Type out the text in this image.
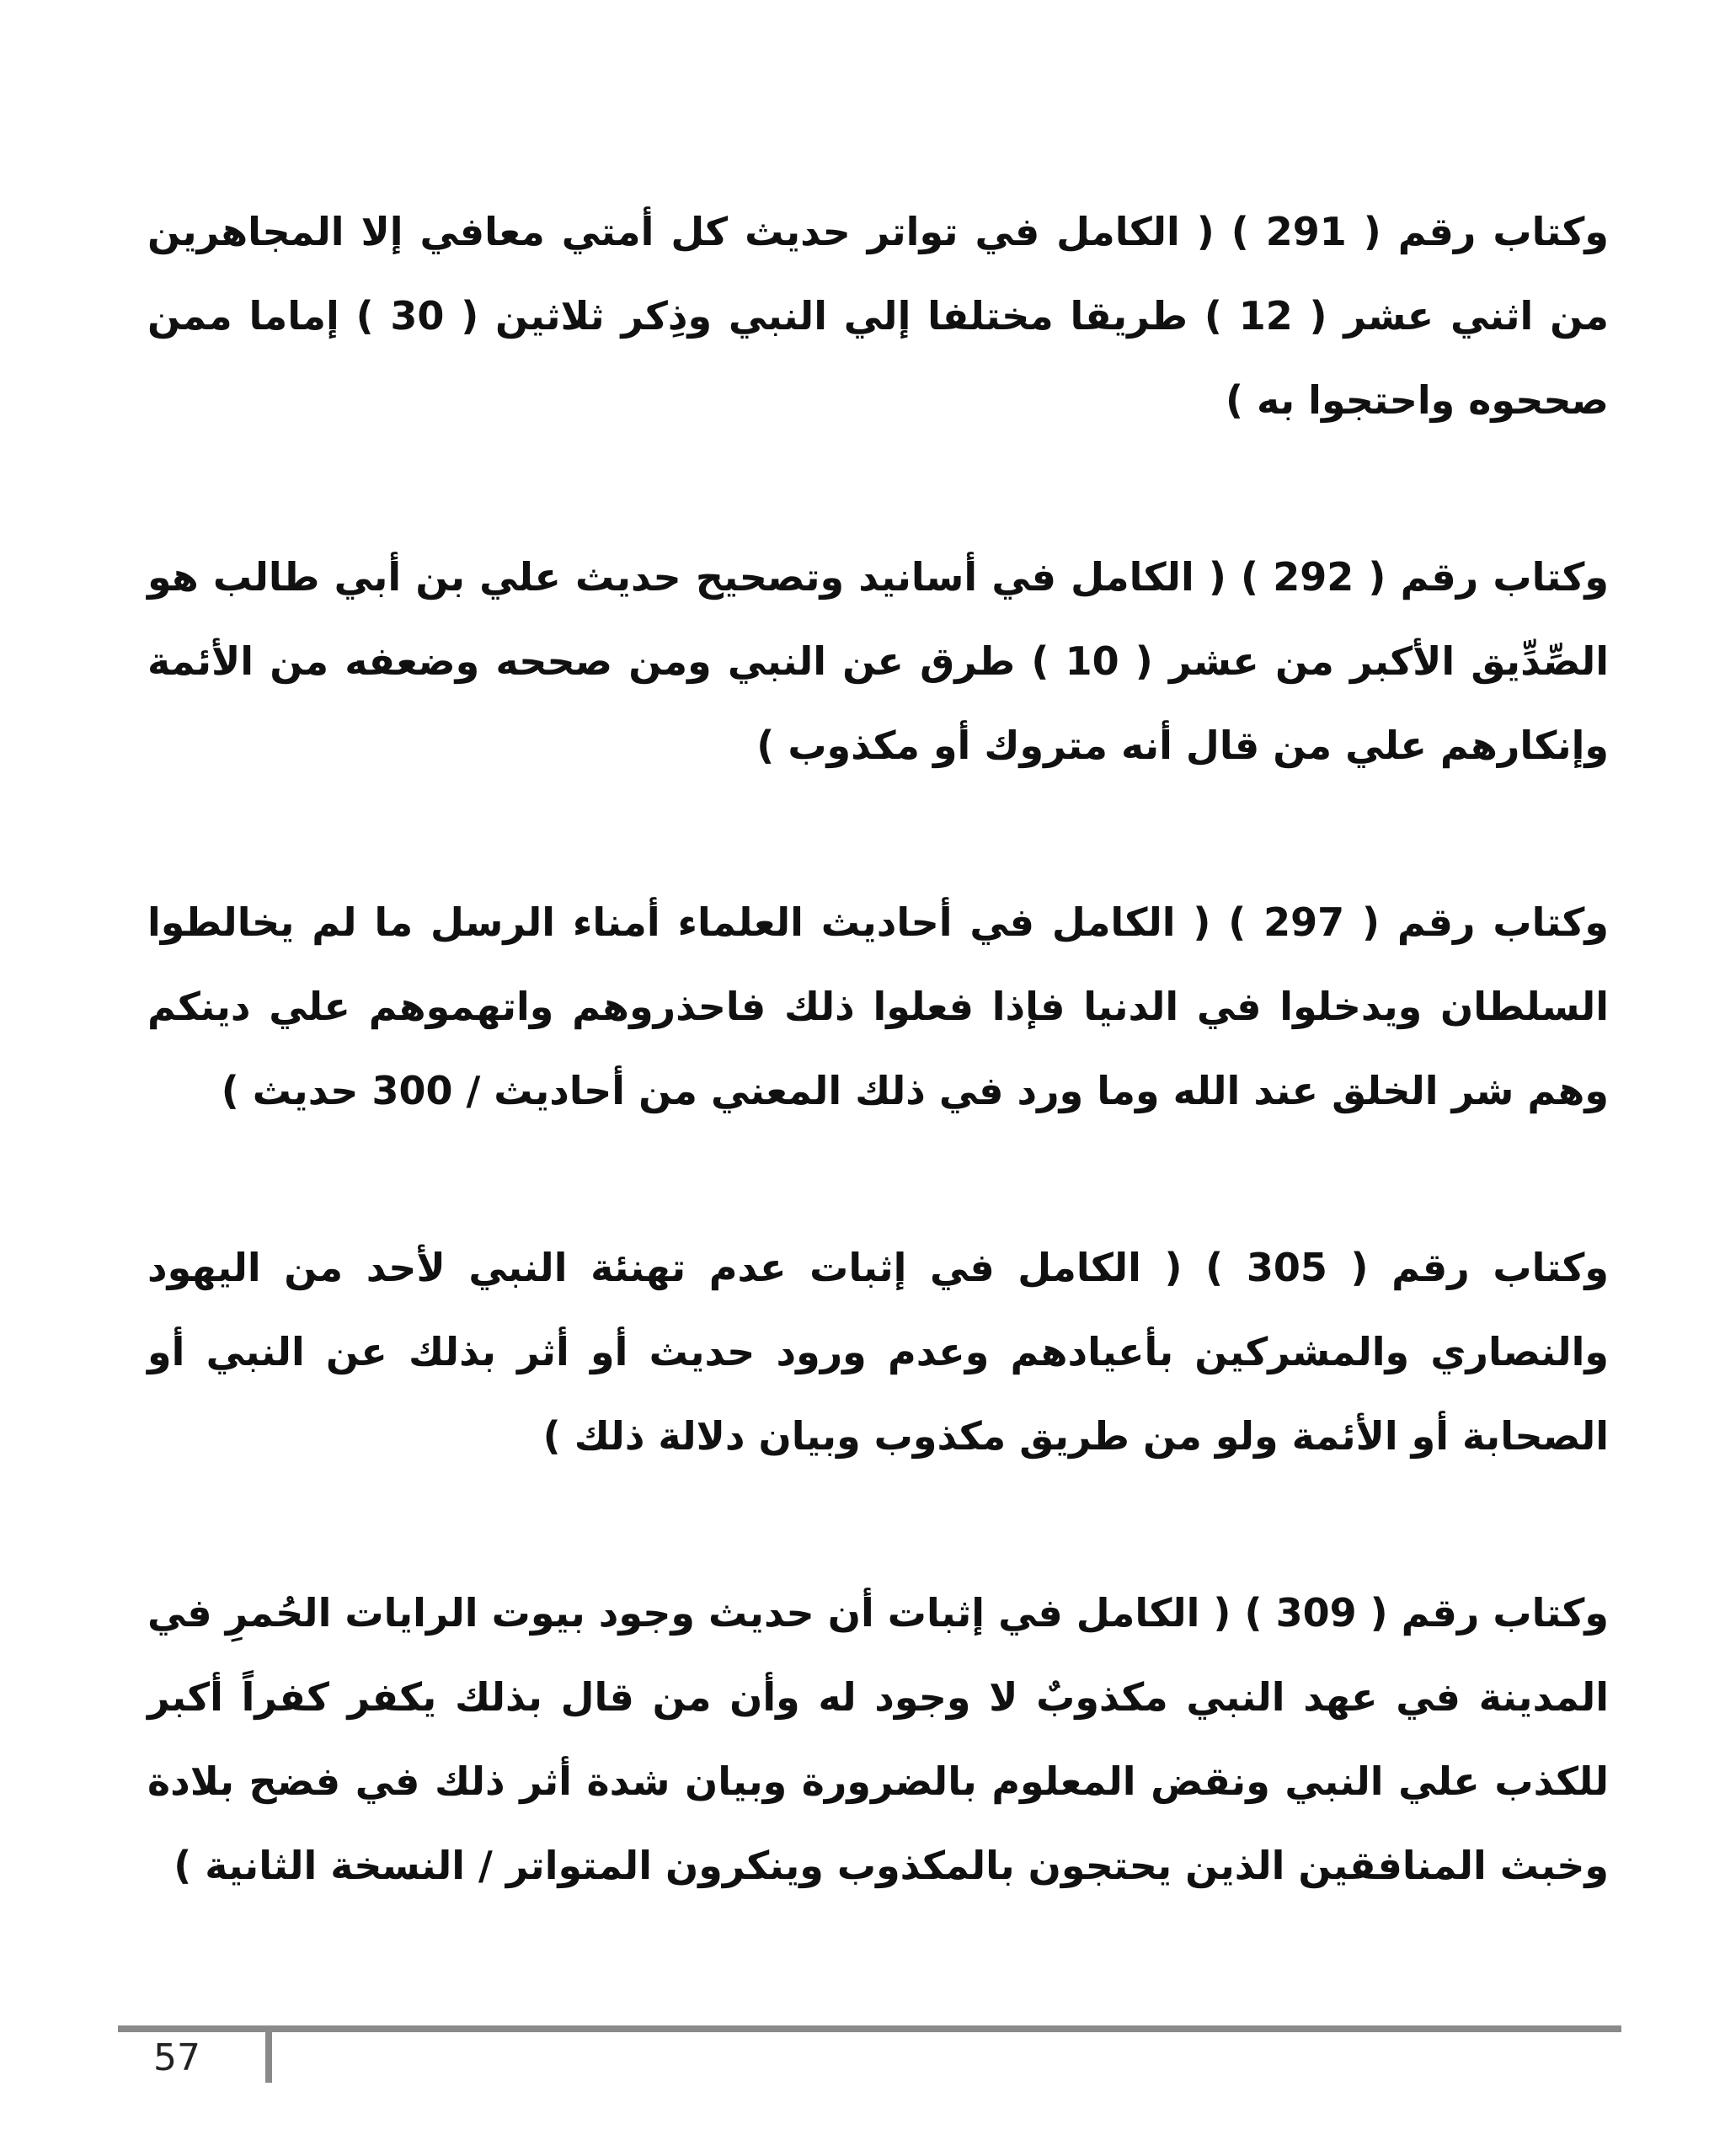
وكتاب رقم ( 291 ) ( الكامل في تواتر حديث كل أمتي معافي إلا المجاهرين من اثني عشر ( 12 ) طريقا مختلفا إلي النبي وذِكر ثلاثين ( 30 ) إماما ممن صححوه واحتجوا به )

وكتاب رقم ( 292 ) ( الكامل في أسانيد وتصحيح حديث علي بن أبي طالب هو الصِّدِّيق الأكبر من عشر ( 10 ) طرق عن النبي ومن صححه وضعفه من الأئمة وإنكارهم علي من قال أنه متروك أو مكذوب )

وكتاب رقم ( 297 ) ( الكامل في أحاديث العلماء أمناء الرسل ما لم يخالطوا السلطان ويدخلوا في الدنيا فإذا فعلوا ذلك فاحذروهم واتهموهم علي دينكم وهم شر الخلق عند الله وما ورد في ذلك المعني من أحاديث / 300 حديث )

وكتاب رقم ( 305 ) ( الكامل في إثبات عدم تهنئة النبي لأحد من اليهود والنصاري والمشركين بأعيادهم وعدم ورود حديث أو أثر بذلك عن النبي أو الصحابة أو الأئمة ولو من طريق مكذوب وبيان دلالة ذلك )

وكتاب رقم ( 309 ) ( الكامل في إثبات أن حديث وجود بيوت الرايات الحُمرِ في المدينة في عهد النبي مكذوبٌ لا وجود له وأن من قال بذلك يكفر كفراً أكبر للكذب علي النبي ونقض المعلوم بالضرورة وبيان شدة أثر ذلك في فضح بلادة وخبث المنافقين الذين يحتجون بالمكذوب وينكرون المتواتر / النسخة الثانية )

57
